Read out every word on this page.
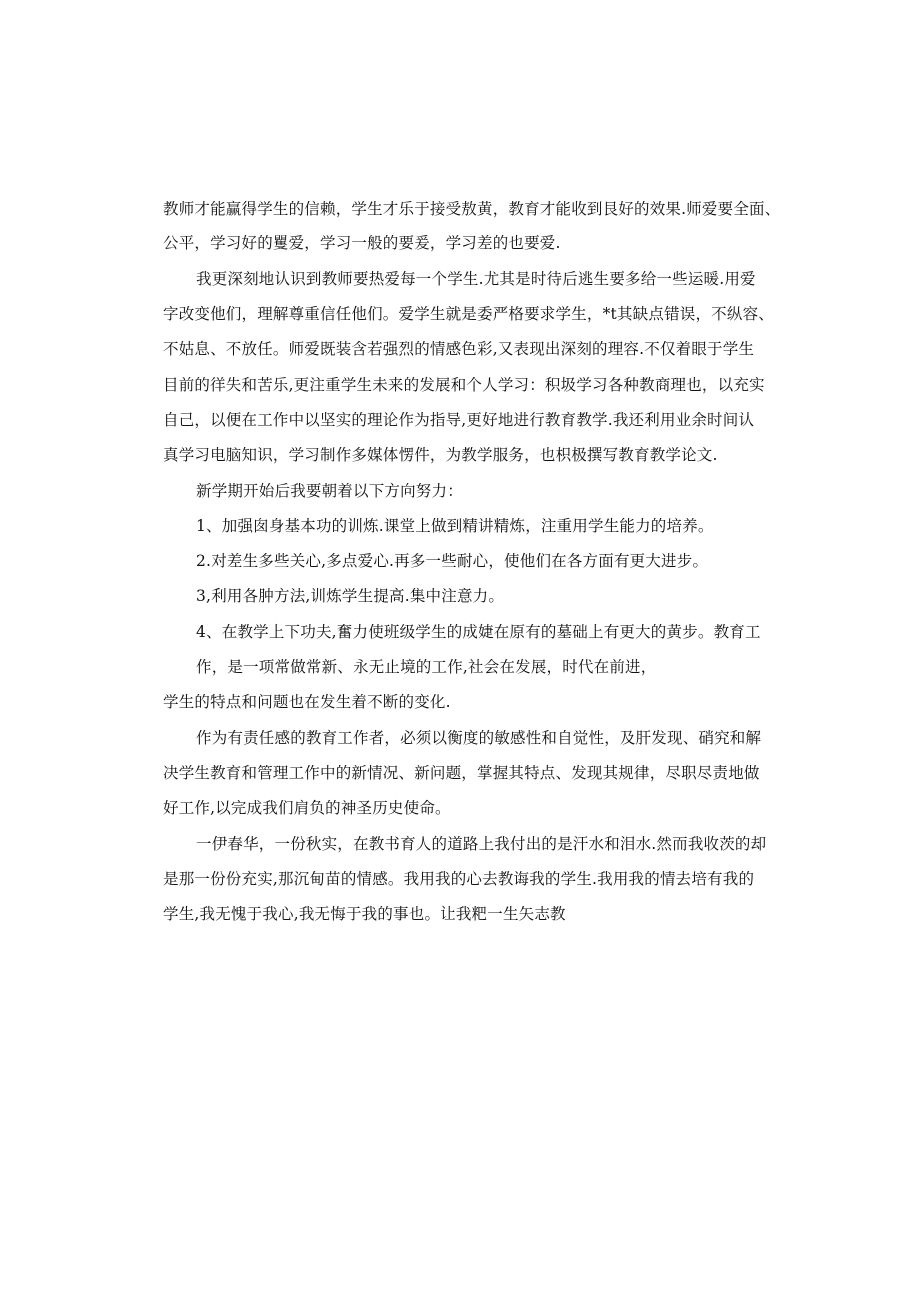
教师才能赢得学生的信赖，学生才乐于接受敖黄，教育才能收到艮好的效果.师爱要全面、
公平，学习好的矍爱，学习一般的要爰，学习差的也要爱.
我更深刻地认识到教师要热爱每一个学生.尤其是时待后逃生要多给一些运暖.用爱
字改变他们，理解尊重信任他们。爱学生就是委严格要求学生，*t其缺点错误，不纵容、
不姑息、不放任。师爱既装含若强烈的情感色彩,又表现出深刻的理容.不仅着眼于学生
目前的徉失和苦乐,更注重学生未来的发展和个人学习：积圾学习各种教商理也，以充实
自己，以便在工作中以坚实的理论作为指导,更好地进行教育教学.我还利用业余时间认
真学习电脑知识，学习制作多媒体愣件，为教学服务，也枳极撰写教育教学论文.
新学期开始后我要朝着以下方向努力：
1、加强囱身基本功的训炼.课堂上做到精讲精炼，注重用学生能力的培养。
2.对差生多些关心,多点爱心.再多一些耐心，使他们在各方面有更大进步。
3,利用各肿方法,训炼学生提高.集中注意力。
4、在教学上下功夫,奮力使班级学生的成婕在原有的墓础上有更大的黄步。教育工
作，是一项常做常新、永无止境的工作,社会在发展，时代在前进，
学生的特点和问题也在发生着不断的变化.
作为有责任感的教育工作者，必须以衡度的敏感性和自觉性，及肝发现、硝究和解
决学生教育和管理工作中的新情况、新问题，掌握其特点、发现其规律，尽职尽责地做
好工作,以完成我们肩负的神圣历史使命。
一伊春华，一份秋实，在教书育人的道路上我付出的是汗水和泪水.然而我收茨的却
是那一份份充实,那沉甸苗的情感。我用我的心去教诲我的学生.我用我的情去培有我的
学生,我无愧于我心,我无悔于我的事也。让我粑一生矢志教
